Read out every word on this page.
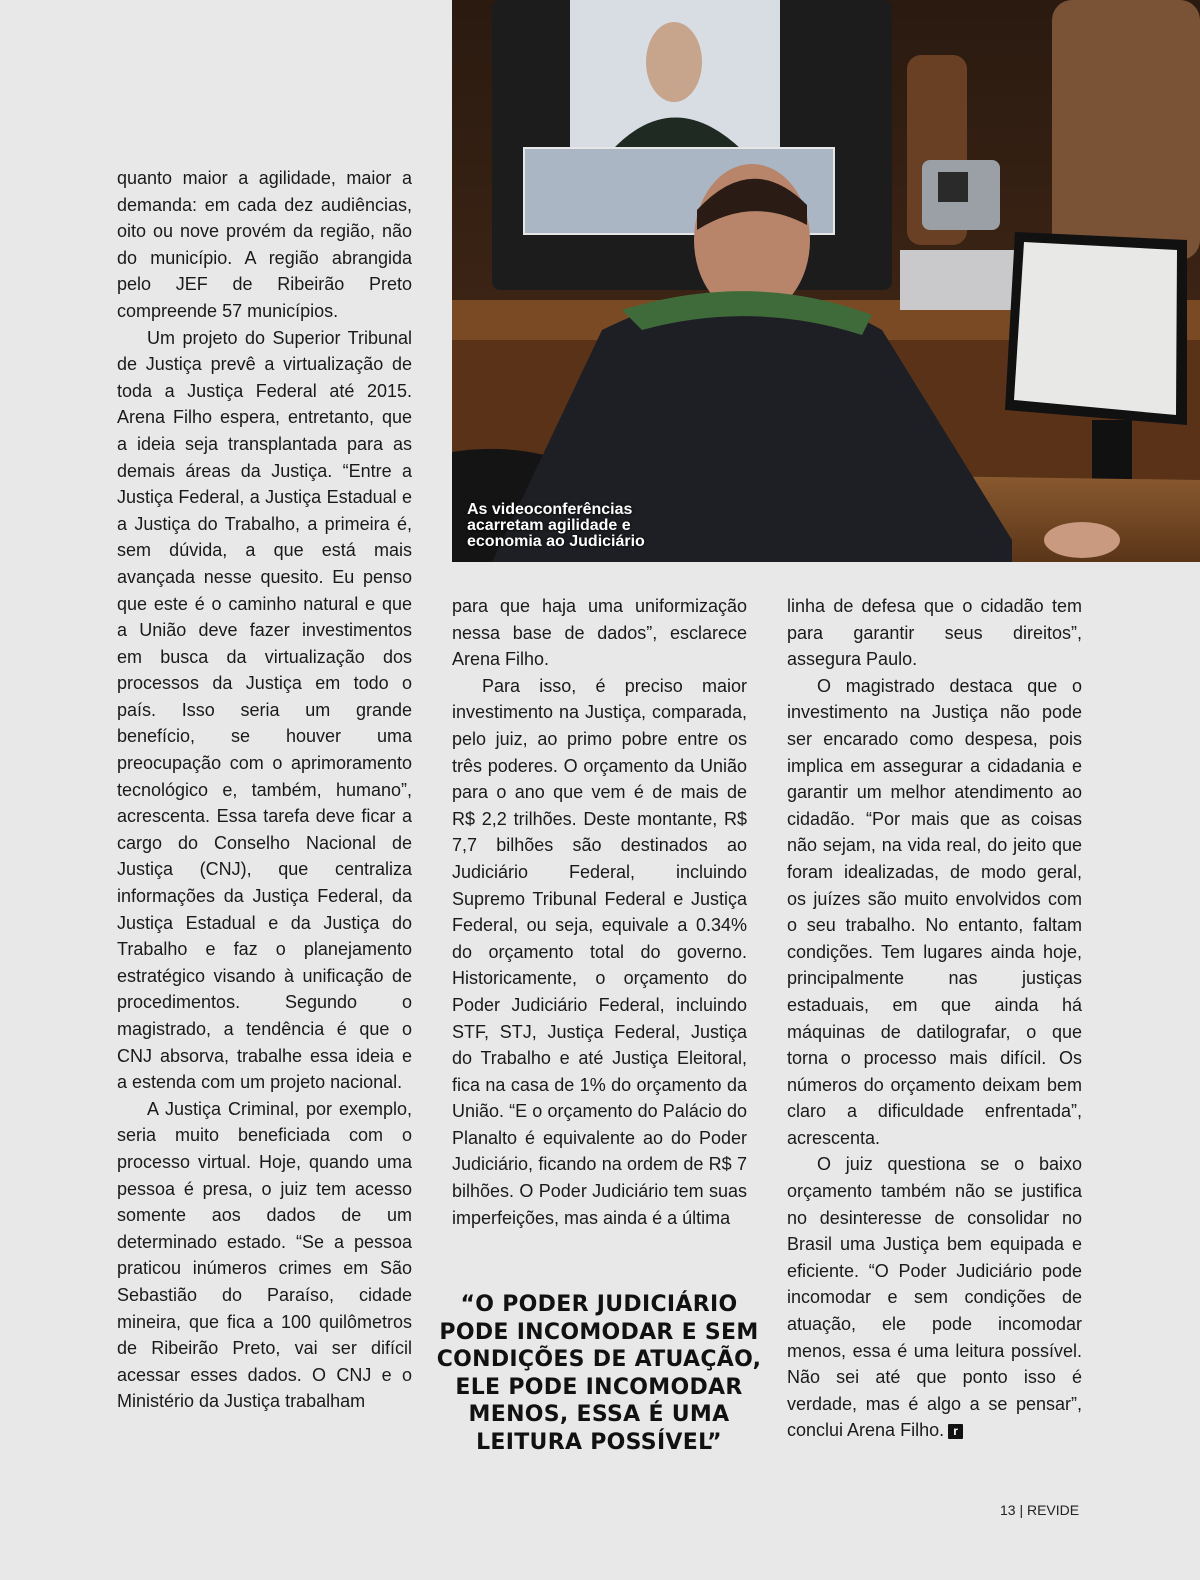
As videoconferências
acarretam agilidade e
economia ao Judiciário

quanto maior a agilidade, maior a demanda: em cada dez audiências, oito ou nove provém da região, não do município. A região abrangida pelo JEF de Ribeirão Preto compreende 57 municípios.

Um projeto do Superior Tribunal de Justiça prevê a virtualização de toda a Justiça Federal até 2015. Arena Filho espera, entretanto, que a ideia seja transplantada para as demais áreas da Justiça. “Entre a Justiça Federal, a Justiça Estadual e a Justiça do Trabalho, a primeira é, sem dúvida, a que está mais avançada nesse quesito. Eu penso que este é o caminho natural e que a União deve fazer investimentos em busca da virtualização dos processos da Justiça em todo o país. Isso seria um grande benefício, se houver uma preocupação com o aprimoramento tecnológico e, também, humano”, acrescenta. Essa tarefa deve ficar a cargo do Conselho Nacional de Justiça (CNJ), que centraliza informações da Justiça Federal, da Justiça Estadual e da Justiça do Trabalho e faz o planejamento estratégico visando à unificação de procedimentos. Segundo o magistrado, a tendência é que o CNJ absorva, trabalhe essa ideia e a estenda com um projeto nacional.

A Justiça Criminal, por exemplo, seria muito beneficiada com o processo virtual. Hoje, quando uma pessoa é presa, o juiz tem acesso somente aos dados de um determinado estado. “Se a pessoa praticou inúmeros crimes em São Sebastião do Paraíso, cidade mineira, que fica a 100 quilômetros de Ribeirão Preto, vai ser difícil acessar esses dados. O CNJ e o Ministério da Justiça trabalham

para que haja uma uniformização nessa base de dados”, esclarece Arena Filho.

Para isso, é preciso maior investimento na Justiça, comparada, pelo juiz, ao primo pobre entre os três poderes. O orçamento da União para o ano que vem é de mais de R$ 2,2 trilhões. Deste montante, R$ 7,7 bilhões são destinados ao Judiciário Federal, incluindo Supremo Tribunal Federal e Justiça Federal, ou seja, equivale a 0.34% do orçamento total do governo. Historicamente, o orçamento do Poder Judiciário Federal, incluindo STF, STJ, Justiça Federal, Justiça do Trabalho e até Justiça Eleitoral, fica na casa de 1% do orçamento da União. “E o orçamento do Palácio do Planalto é equivalente ao do Poder Judiciário, ficando na ordem de R$ 7 bilhões. O Poder Judiciário tem suas imperfeições, mas ainda é a última

“O PODER JUDICIÁRIO
PODE INCOMODAR E SEM
CONDIÇÕES DE ATUAÇÃO,
ELE PODE INCOMODAR
MENOS, ESSA É UMA
LEITURA POSSÍVEL”

linha de defesa que o cidadão tem para garantir seus direitos”, assegura Paulo.

O magistrado destaca que o investimento na Justiça não pode ser encarado como despesa, pois implica em assegurar a cidadania e garantir um melhor atendimento ao cidadão. “Por mais que as coisas não sejam, na vida real, do jeito que foram idealizadas, de modo geral, os juízes são muito envolvidos com o seu trabalho. No entanto, faltam condições. Tem lugares ainda hoje, principalmente nas justiças estaduais, em que ainda há máquinas de datilografar, o que torna o processo mais difícil. Os números do orçamento deixam bem claro a dificuldade enfrentada”, acrescenta.

O juiz questiona se o baixo orçamento também não se justifica no desinteresse de consolidar no Brasil uma Justiça bem equipada e eficiente. “O Poder Judiciário pode incomodar e sem condições de atuação, ele pode incomodar menos, essa é uma leitura possível. Não sei até que ponto isso é verdade, mas é algo a se pensar”, conclui Arena Filho. r

13 | REVIDE
